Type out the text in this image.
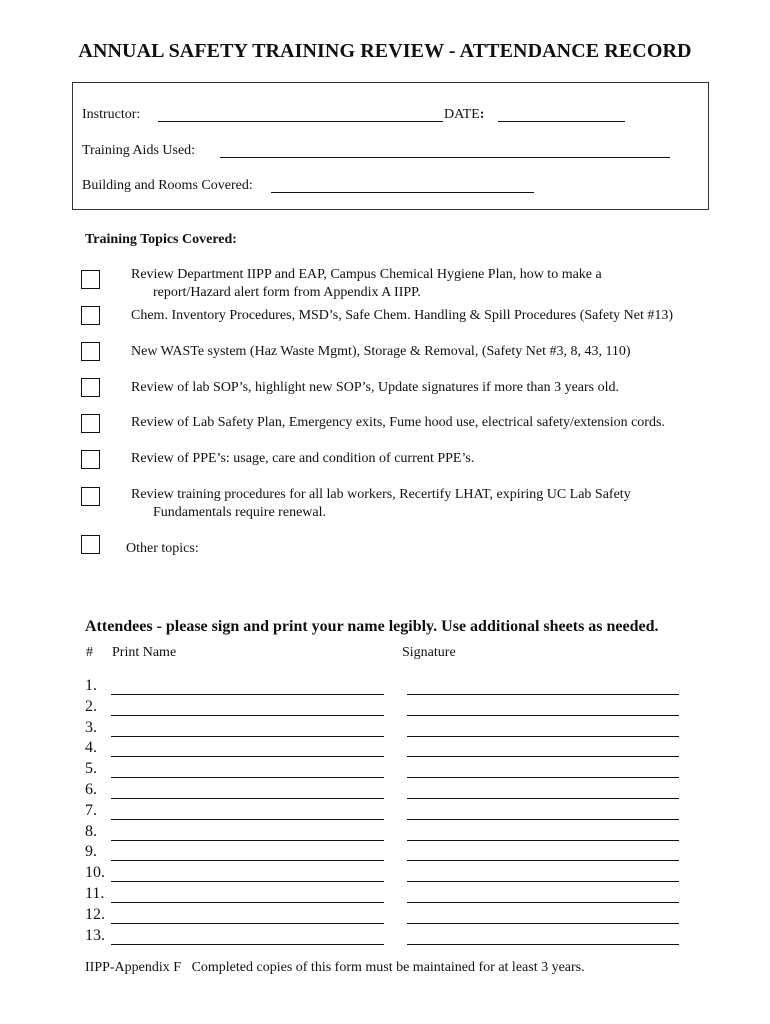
ANNUAL SAFETY TRAINING REVIEW - ATTENDANCE RECORD
Instructor:	DATE:
Training Aids Used:
Building and Rooms Covered:
Training Topics Covered:
Review Department IIPP and EAP, Campus Chemical Hygiene Plan, how to make a
report/Hazard alert form from Appendix A IIPP.
Chem. Inventory Procedures, MSD’s, Safe Chem. Handling & Spill Procedures (Safety Net #13)
New WASTe system (Haz Waste Mgmt), Storage & Removal, (Safety Net #3, 8, 43, 110)
Review of lab SOP’s, highlight new SOP’s, Update signatures if more than 3 years old.
Review of Lab Safety Plan, Emergency exits, Fume hood use, electrical safety/extension cords.
Review of PPE’s: usage, care and condition of current PPE’s.
Review training procedures for all lab workers, Recertify LHAT, expiring UC Lab Safety
Fundamentals require renewal.
Other topics:
Attendees - please sign and print your name legibly. Use additional sheets as needed.
# Print Name	Signature
1.
2.
3.
4.
5.
6.
7.
8.
9.
10.
11.
12.
13.
IIPP-Appendix F Completed copies of this form must be maintained for at least 3 years.
